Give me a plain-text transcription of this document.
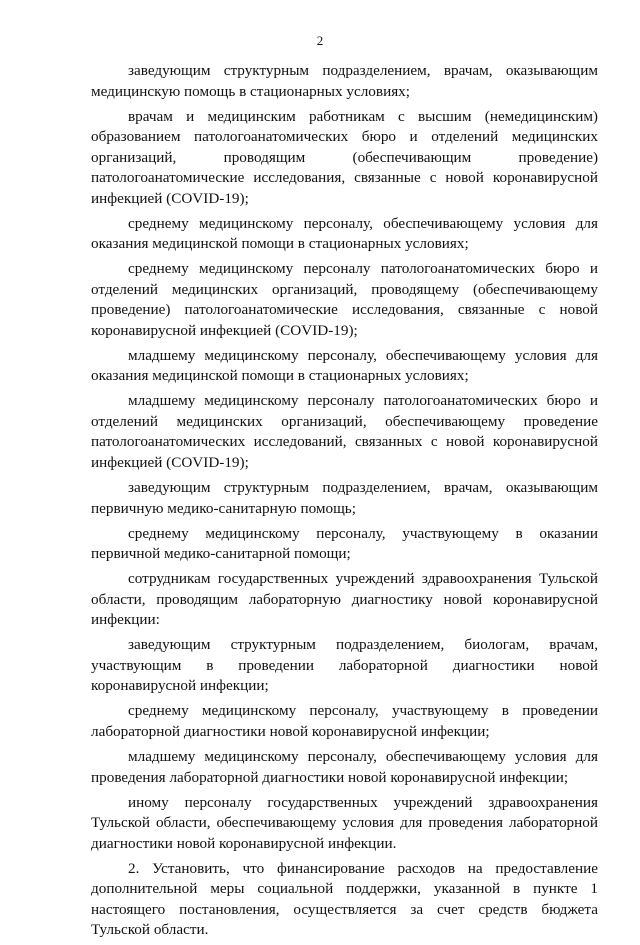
2

заведующим структурным подразделением, врачам, оказывающим медицинскую помощь в стационарных условиях;

врачам и медицинским работникам с высшим (немедицинским) образованием патологоанатомических бюро и отделений медицинских организаций, проводящим (обеспечивающим проведение) патологоанатомические исследования, связанные с новой коронавирусной инфекцией (COVID-19);

среднему медицинскому персоналу, обеспечивающему условия для оказания медицинской помощи в стационарных условиях;

среднему медицинскому персоналу патологоанатомических бюро и отделений медицинских организаций, проводящему (обеспечивающему проведение) патологоанатомические исследования, связанные с новой коронавирусной инфекцией (COVID-19);

младшему медицинскому персоналу, обеспечивающему условия для оказания медицинской помощи в стационарных условиях;

младшему медицинскому персоналу патологоанатомических бюро и отделений медицинских организаций, обеспечивающему проведение патологоанатомических исследований, связанных с новой коронавирусной инфекцией (COVID-19);

заведующим структурным подразделением, врачам, оказывающим первичную медико-санитарную помощь;

среднему медицинскому персоналу, участвующему в оказании первичной медико-санитарной помощи;

сотрудникам государственных учреждений здравоохранения Тульской области, проводящим лабораторную диагностику новой коронавирусной инфекции:

заведующим структурным подразделением, биологам, врачам, участвующим в проведении лабораторной диагностики новой коронавирусной инфекции;

среднему медицинскому персоналу, участвующему в проведении лабораторной диагностики новой коронавирусной инфекции;

младшему медицинскому персоналу, обеспечивающему условия для проведения лабораторной диагностики новой коронавирусной инфекции;

иному персоналу государственных учреждений здравоохранения Тульской области, обеспечивающему условия для проведения лабораторной диагностики новой коронавирусной инфекции.

2. Установить, что финансирование расходов на предоставление дополнительной меры социальной поддержки, указанной в пункте 1 настоящего постановления, осуществляется за счет средств бюджета Тульской области.
